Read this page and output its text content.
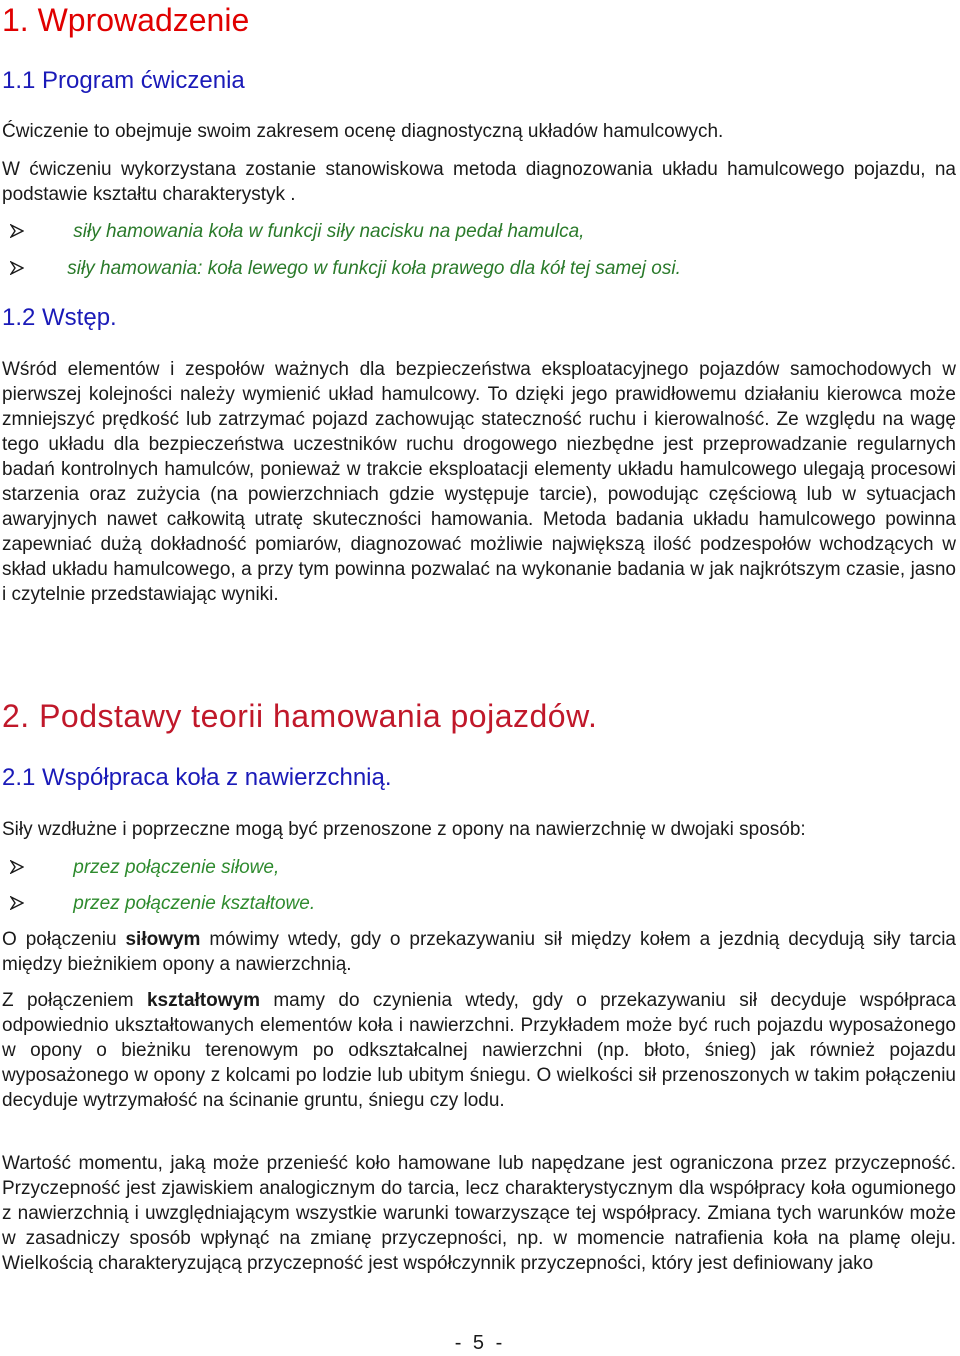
1. Wprowadzenie
1.1 Program ćwiczenia

Ćwiczenie to obejmuje swoim zakresem ocenę diagnostyczną układów hamulcowych.

W ćwiczeniu wykorzystana zostanie stanowiskowa metoda diagnozowania układu hamulcowego pojazdu, na podstawie kształtu charakterystyk .

siły hamowania koła w funkcji siły nacisku na pedał hamulca,
siły hamowania: koła lewego w funkcji koła prawego dla kół tej samej osi.
1.2 Wstęp.

Wśród elementów i zespołów ważnych dla bezpieczeństwa eksploatacyjnego pojazdów samochodowych w pierwszej kolejności należy wymienić układ hamulcowy. To dzięki jego prawidłowemu działaniu kierowca może zmniejszyć prędkość lub zatrzymać pojazd zachowując stateczność ruchu i kierowalność. Ze względu na wagę tego układu dla bezpieczeństwa uczestników ruchu drogowego niezbędne jest przeprowadzanie regularnych badań kontrolnych hamulców, ponieważ w trakcie eksploatacji elementy układu hamulcowego ulegają procesowi starzenia oraz zużycia (na powierzchniach gdzie występuje tarcie), powodując częściową lub w sytuacjach awaryjnych nawet całkowitą utratę skuteczności hamowania. Metoda badania układu hamulcowego powinna zapewniać dużą dokładność pomiarów, diagnozować możliwie największą ilość podzespołów wchodzących w skład układu hamulcowego, a przy tym powinna pozwalać na wykonanie badania w jak najkrótszym czasie, jasno i czytelnie przedstawiając wyniki.

2. Podstawy teorii hamowania pojazdów.
2.1 Współpraca koła z nawierzchnią.

Siły wzdłużne i poprzeczne mogą być przenoszone z opony na nawierzchnię w dwojaki sposób:

przez połączenie siłowe,
przez połączenie kształtowe.

O połączeniu siłowym mówimy wtedy, gdy o przekazywaniu sił między kołem a jezdnią decydują siły tarcia między bieżnikiem opony a nawierzchnią.

Z połączeniem kształtowym mamy do czynienia wtedy, gdy o przekazywaniu sił decyduje współpraca odpowiednio ukształtowanych elementów koła i nawierzchni. Przykładem może być ruch pojazdu wyposażonego w opony o bieżniku terenowym po odkształcalnej nawierzchni (np. błoto, śnieg) jak również pojazdu wyposażonego w opony z kolcami po lodzie lub ubitym śniegu. O wielkości sił przenoszonych w takim połączeniu decyduje wytrzymałość na ścinanie gruntu, śniegu czy lodu.

Wartość momentu, jaką może przenieść koło hamowane lub napędzane jest ograniczona przez przyczepność. Przyczepność jest zjawiskiem analogicznym do tarcia, lecz charakterystycznym dla współpracy koła ogumionego z nawierzchnią i uwzględniającym wszystkie warunki towarzyszące tej współpracy. Zmiana tych warunków może w zasadniczy sposób wpłynąć na zmianę przyczepności, np. w momencie natrafienia koła na plamę oleju. Wielkością charakteryzującą przyczepność jest współczynnik przyczepności, który jest definiowany jako

- 5 -
